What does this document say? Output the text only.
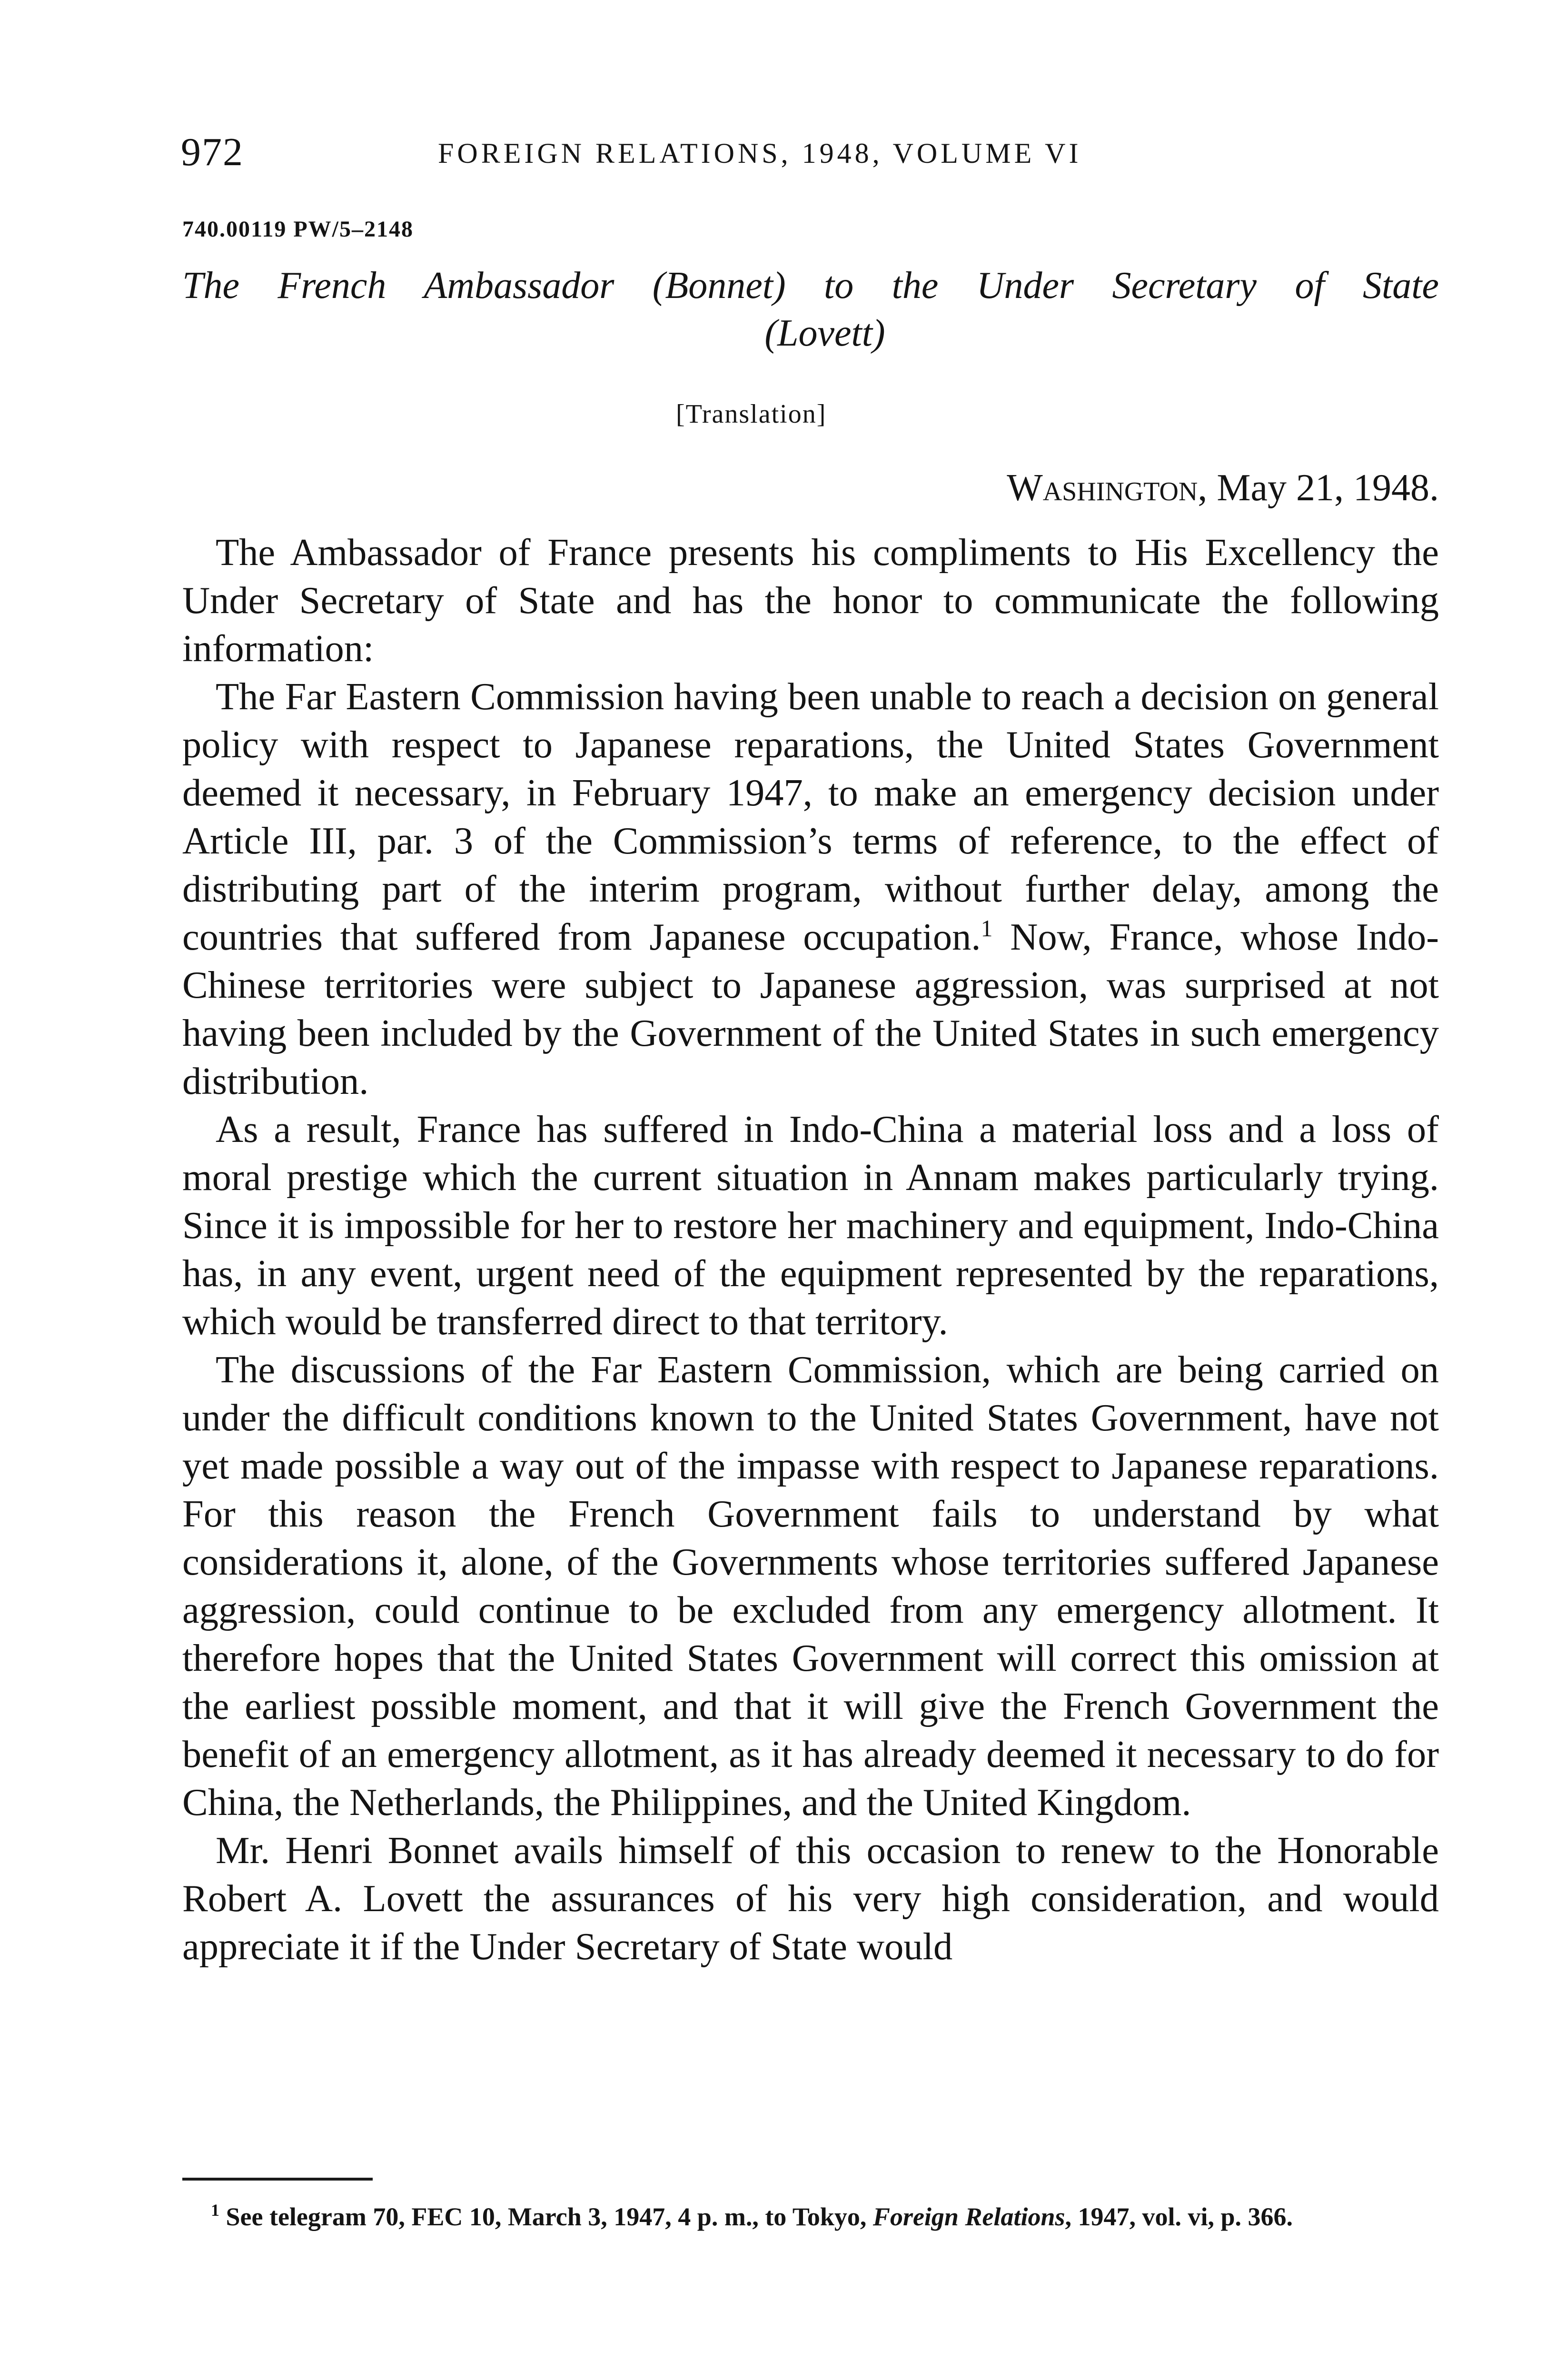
972	FOREIGN RELATIONS, 1948, VOLUME VI
740.00119 PW/5–2148
The French Ambassador (Bonnet) to the Under Secretary of State
(Lovett)
[Translation]
Washington, May 21, 1948.

The Ambassador of France presents his compliments to His Excellency the Under Secretary of State and has the honor to communicate the following information:

The Far Eastern Commission having been unable to reach a decision on general policy with respect to Japanese reparations, the United States Government deemed it necessary, in February 1947, to make an emergency decision under Article III, par. 3 of the Commission’s terms of reference, to the effect of distributing part of the interim program, without further delay, among the countries that suffered from Japanese occupation.$^1$ Now, France, whose Indo-Chinese territories were subject to Japanese aggression, was surprised at not having been included by the Government of the United States in such emergency distribution.

As a result, France has suffered in Indo-China a material loss and a loss of moral prestige which the current situation in Annam makes particularly trying. Since it is impossible for her to restore her machinery and equipment, Indo-China has, in any event, urgent need of the equipment represented by the reparations, which would be transferred direct to that territory.

The discussions of the Far Eastern Commission, which are being carried on under the difficult conditions known to the United States Government, have not yet made possible a way out of the impasse with respect to Japanese reparations. For this reason the French Government fails to understand by what considerations it, alone, of the Governments whose territories suffered Japanese aggression, could continue to be excluded from any emergency allotment. It therefore hopes that the United States Government will correct this omission at the earliest possible moment, and that it will give the French Government the benefit of an emergency allotment, as it has already deemed it necessary to do for China, the Netherlands, the Philippines, and the United Kingdom.

Mr. Henri Bonnet avails himself of this occasion to renew to the Honorable Robert A. Lovett the assurances of his very high consideration, and would appreciate it if the Under Secretary of State would

$^1$ See telegram 70, FEC 10, March 3, 1947, 4 p. m., to Tokyo, Foreign Relations, 1947, vol. vi, p. 366.
